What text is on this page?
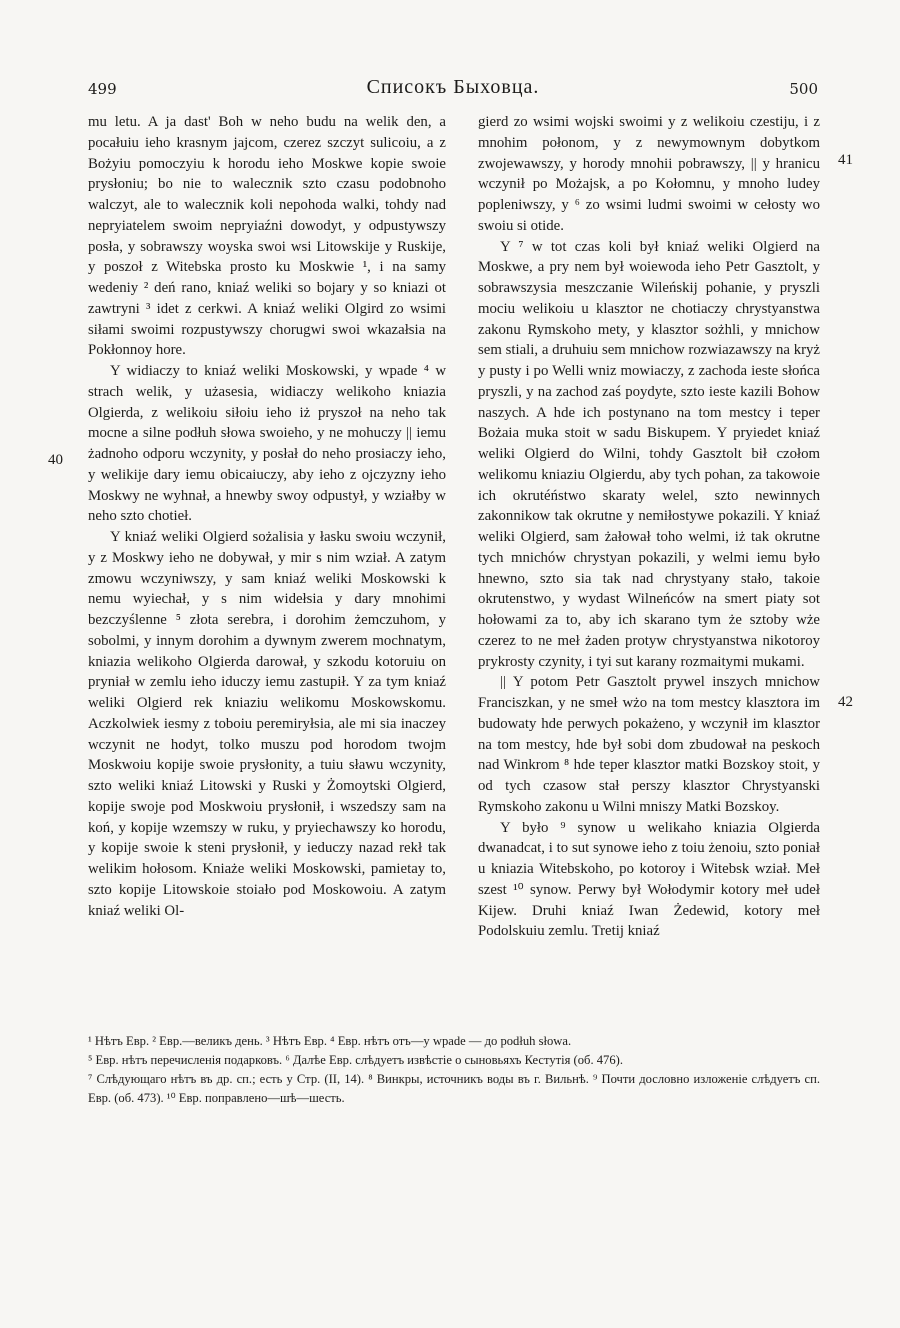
499	Списокъ Быховца.	500
40
41
42

mu letu. A ja dast' Boh w neho budu na welik den, a pocałuiu ieho krasnym jajcom, czerez szczyt sulicoiu, a z Bożyiu pomoczyiu k horodu ieho Moskwe kopie swoie prysłoniu; bo nie to walecznik szto czasu podobnoho walczyt, ale to walecznik koli nepohoda walki, tohdy nad nepryiatelem swoim nepryiaźni dowodyt, y odpustywszy posła, y sobrawszy woyska swoi wsi Litowskije y Ruskije, y poszoł z Witebska prosto ku Moskwie ¹, i na samy wedeniy ² deń rano, kniaź weliki so bojary y so kniazi ot zawtryni ³ idet z cerkwi. A kniaź weliki Olgird zo wsimi siłami swoimi rozpustywszy chorugwi swoi wkazałsia na Pokłonnoy hore.

Y widiaczy to kniaź weliki Moskowski, y wpade ⁴ w strach welik, y użasesia, widiaczy welikoho kniazia Olgierda, z welikoiu siłoiu ieho iż pryszoł na neho tak mocne a silne podłuh słowa swoieho, y ne mohuczy || iemu żadnoho odporu wczynity, y posłał do neho prosiaczy ieho, y welikije dary iemu obicaiuczy, aby ieho z ojczyzny ieho Moskwy ne wyhnał, a hnewby swoy odpustył, y wziałby w neho szto chotieł.

Y kniaź weliki Olgierd sożalisia y łasku swoiu wczynił, y z Moskwy ieho ne dobywał, y mir s nim wział. A zatym zmowu wczyniwszy, y sam kniaź weliki Moskowski k nemu wyiechał, y s nim widełsia y dary mnohimi bezczyślenne ⁵ złota serebra, i dorohim żemczuhom, y sobolmi, y innym dorohim a dywnym zwerem mochnatym, kniazia welikoho Olgierda darował, y szkodu kotoruiu on pryniał w zemlu ieho iduczy iemu zastupił. Y za tym kniaź weliki Olgierd rek kniaziu welikomu Moskowskomu. Aczkolwiek iesmy z toboiu peremiryłsia, ale mi sia inaczey wczynit ne hodyt, tolko muszu pod horodom twojm Moskwoiu kopije swoie prysłonity, a tuiu sławu wczynity, szto weliki kniaź Litowski y Ruski y Żomoytski Olgierd, kopije swoje pod Moskwoiu prysłonił, i wszedszy sam na koń, y kopije wzemszy w ruku, y pryiechawszy ko horodu, y kopije swoie k steni prysłonił, y ieduczy nazad rekł tak welikim hołosom. Kniaże weliki Moskowski, pamietay to, szto kopije Litowskoie stoiało pod Moskowoiu. A zatym kniaź weliki Ol-

gierd zo wsimi wojski swoimi y z welikoiu czestiju, i z mnohim połonom, y z newymownym dobytkom zwojewawszy, y horody mnohii pobrawszy, || y hranicu wczynił po Możajsk, a po Kołomnu, y mnoho ludey popleniwszy, y ⁶ zo wsimi ludmi swoimi w cełosty wo swoiu si otide.

Y ⁷ w tot czas koli był kniaź weliki Olgierd na Moskwe, a pry nem był woiewoda ieho Petr Gasztolt, y sobrawszysia meszczanie Wileńskij pohanie, y pryszli mociu welikoiu u klasztor ne chotiaczy chrystyanstwa zakonu Rymskoho mety, y klasztor sożhli, y mnichow sem stiali, a druhuiu sem mnichow rozwiazawszy na kryż y pusty i po Welli wniz mowiaczy, z zachoda ieste słońca pryszli, y na zachod zaś poydyte, szto ieste kazili Bohow naszych. A hde ich postynano na tom mestcy i teper Bożaia muka stoit w sadu Biskupem. Y pryiedet kniaź weliki Olgierd do Wilni, tohdy Gasztolt bił czołom welikomu kniaziu Olgierdu, aby tych pohan, za takowoie ich okrutéństwo skaraty welel, szto newinnych zakonnikow tak okrutne y nemiłostywe pokazili. Y kniaź weliki Olgierd, sam żałował toho welmi, iż tak okrutne tych mnichów chrystyan pokazili, y welmi iemu było hnewno, szto sia tak nad chrystyany stało, takoie okrutenstwo, y wydast Wilneńców na smert piaty sot hołowami za to, aby ich skarano tym że sztoby wże czerez to ne meł żaden protyw chrystyanstwa nikotoroy prykrosty czynity, i tyi sut karany rozmaitymi mukami.

|| Y potom Petr Gasztolt prywel inszych mnichow Franciszkan, y ne smeł wżo na tom mestcy klasztora im budowaty hde perwych pokażeno, y wczynił im klasztor na tom mestcy, hde był sobi dom zbudował na peskoch nad Winkrom ⁸ hde teper klasztor matki Bozskoy stoit, y od tych czasow stał perszy klasztor Chrystyanski Rymskoho zakonu u Wilni mniszy Matki Bozskoy.

Y było ⁹ synow u welikaho kniazia Olgierda dwanadcat, i to sut synowe ieho z toiu żenoiu, szto poniał u kniazia Witebskoho, po kotoroy i Witebsk wział. Meł szest ¹⁰ synow. Perwy był Wołodymir kotory meł udeł Kijew. Druhi kniaź Iwan Żedewid, kotory meł Podolskuiu zemlu. Tretij kniaź

¹ Нѣтъ Евр. ² Евр.—великъ день. ³ Нѣтъ Евр. ⁴ Евр. нѣтъ отъ—у wpade — до podłuh słowa.

⁵ Евр. нѣтъ перечисленія подарковъ. ⁶ Далѣе Евр. слѣдуетъ извѣстіе о сыновьяхъ Кестутія (об. 476).

⁷ Слѣдующаго нѣтъ въ др. сп.; есть у Стр. (II, 14). ⁸ Винкры, источникъ воды въ г. Вильнѣ. ⁹ Почти дословно изложеніе слѣдуетъ сп. Евр. (об. 473). ¹⁰ Евр. поправлено—шѣ—шесть.
